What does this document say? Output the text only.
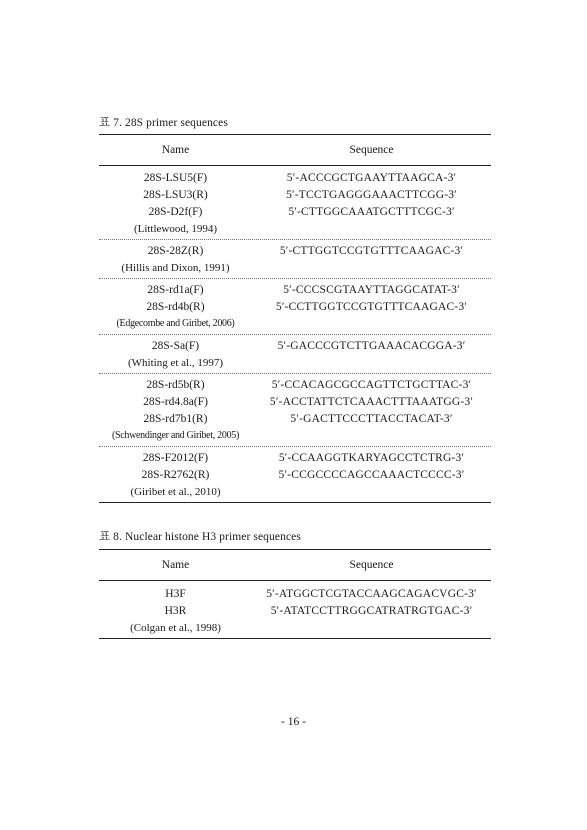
표 7. 28S primer sequences
Name	Sequence
28S-LSU5(F)	5′-ACCCGCTGAAYTTAAGCA-3′
28S-LSU3(R)	5′-TCCTGAGGGAAACTTCGG-3′
28S-D2f(F)	5′-CTTGGCAAATGCTTTCGC-3′
(Littlewood, 1994)
28S-28Z(R)	5′-CTTGGTCCGTGTTTCAAGAC-3′
(Hillis and Dixon, 1991)
28S-rd1a(F)	5′-CCCSCGTAAYTTAGGCATAT-3′
28S-rd4b(R)	5′-CCTTGGTCCGTGTTTCAAGAC-3′
(Edgecombe and Giribet, 2006)
28S-Sa(F)	5′-GACCCGTCTTGAAACACGGA-3′
(Whiting et al., 1997)
28S-rd5b(R)	5′-CCACAGCGCCAGTTCTGCTTAC-3′
28S-rd4.8a(F)	5′-ACCTATTCTCAAACTTTAAATGG-3′
28S-rd7b1(R)	5′-GACTTCCCTTACCTACAT-3′
(Schwendinger and Giribet, 2005)
28S-F2012(F)	5′-CCAAGGTKARYAGCCTCTRG-3′
28S-R2762(R)	5′-CCGCCCCAGCCAAACTCCCC-3′
(Giribet et al., 2010)
표 8. Nuclear histone H3 primer sequences
Name	Sequence
H3F	5′-ATGGCTCGTACCAAGCAGACVGC-3′
H3R	5′-ATATCCTTRGGCATRATRGTGAC-3′
(Colgan et al., 1998)
- 16 -
